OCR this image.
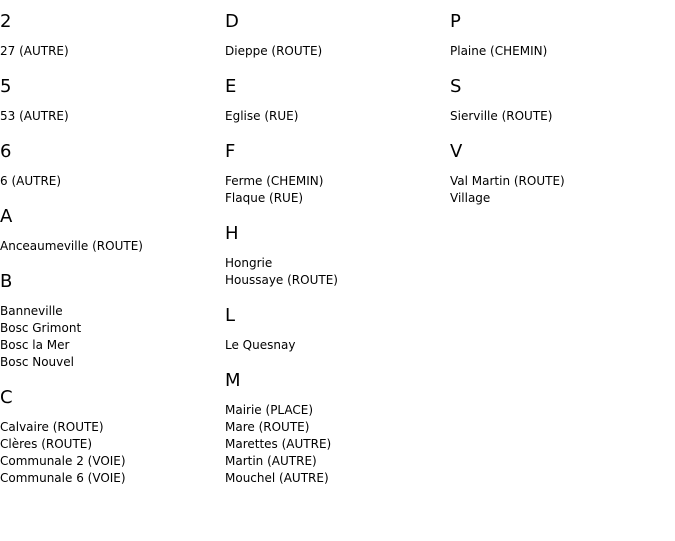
2
27 (AUTRE)
5
53 (AUTRE)
6
6 (AUTRE)
A
Anceaumeville (ROUTE)
B
Banneville
Bosc Grimont
Bosc la Mer
Bosc Nouvel
C
Calvaire (ROUTE)
Clères (ROUTE)
Communale 2 (VOIE)
Communale 6 (VOIE)
D
Dieppe (ROUTE)
E
Eglise (RUE)
F
Ferme (CHEMIN)
Flaque (RUE)
H
Hongrie
Houssaye (ROUTE)
L
Le Quesnay
M
Mairie (PLACE)
Mare (ROUTE)
Marettes (AUTRE)
Martin (AUTRE)
Mouchel (AUTRE)
P
Plaine (CHEMIN)
S
Sierville (ROUTE)
V
Val Martin (ROUTE)
Village
